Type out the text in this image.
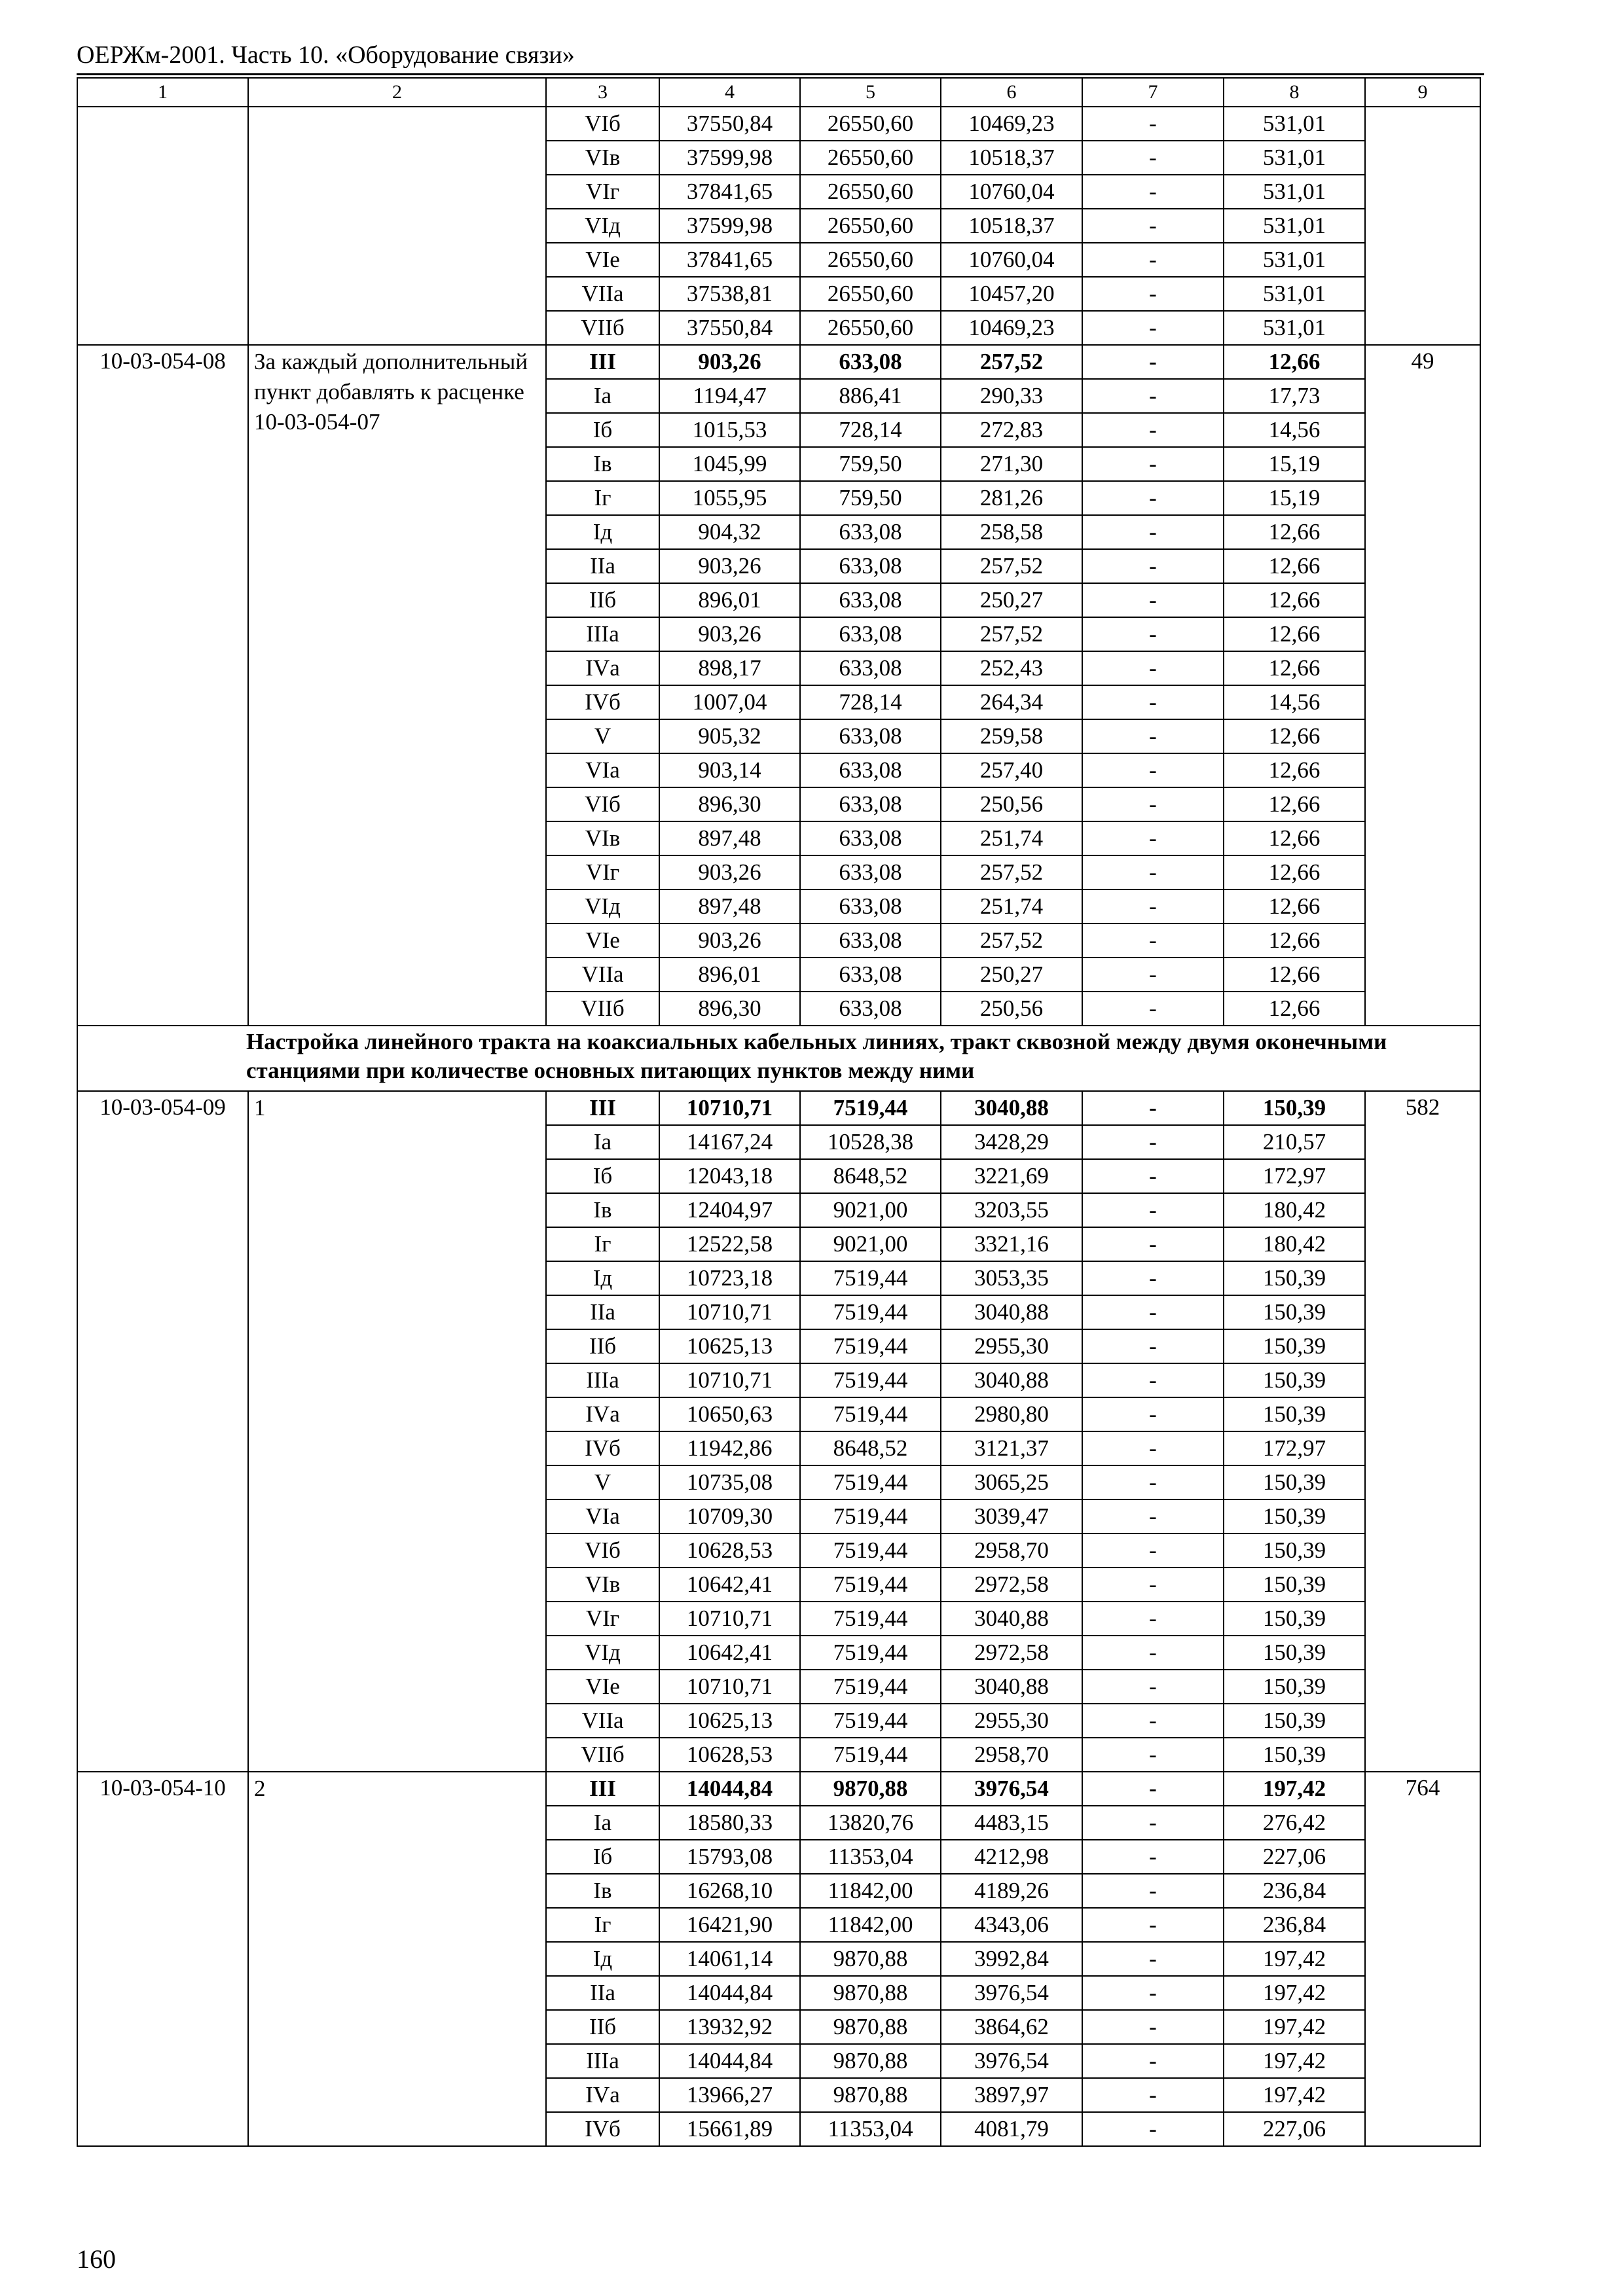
ОЕРЖм-2001. Часть 10. «Оборудование связи»
1	2	3	4	5	6	7	8	9
		VIб	37550,84	26550,60	10469,23	-	531,01	
		VIв	37599,98	26550,60	10518,37	-	531,01	
		VIг	37841,65	26550,60	10760,04	-	531,01	
		VIд	37599,98	26550,60	10518,37	-	531,01	
		VIе	37841,65	26550,60	10760,04	-	531,01	
		VIIа	37538,81	26550,60	10457,20	-	531,01	
		VIIб	37550,84	26550,60	10469,23	-	531,01	
10-03-054-08	За каждый дополнительный пункт добавлять к расценке 10-03-054-07	III	903,26	633,08	257,52	-	12,66	49
		Iа	1194,47	886,41	290,33	-	17,73	
		Iб	1015,53	728,14	272,83	-	14,56	
		Iв	1045,99	759,50	271,30	-	15,19	
		Iг	1055,95	759,50	281,26	-	15,19	
		Iд	904,32	633,08	258,58	-	12,66	
		IIа	903,26	633,08	257,52	-	12,66	
		IIб	896,01	633,08	250,27	-	12,66	
		IIIа	903,26	633,08	257,52	-	12,66	
		IVа	898,17	633,08	252,43	-	12,66	
		IVб	1007,04	728,14	264,34	-	14,56	
		V	905,32	633,08	259,58	-	12,66	
		VIа	903,14	633,08	257,40	-	12,66	
		VIб	896,30	633,08	250,56	-	12,66	
		VIв	897,48	633,08	251,74	-	12,66	
		VIг	903,26	633,08	257,52	-	12,66	
		VIд	897,48	633,08	251,74	-	12,66	
		VIе	903,26	633,08	257,52	-	12,66	
		VIIа	896,01	633,08	250,27	-	12,66	
		VIIб	896,30	633,08	250,56	-	12,66	
Настройка линейного тракта на коаксиальных кабельных линиях, тракт сквозной между двумя оконечными станциями при количестве основных питающих пунктов между ними								
10-03-054-09	1	III	10710,71	7519,44	3040,88	-	150,39	582
		Iа	14167,24	10528,38	3428,29	-	210,57	
		Iб	12043,18	8648,52	3221,69	-	172,97	
		Iв	12404,97	9021,00	3203,55	-	180,42	
		Iг	12522,58	9021,00	3321,16	-	180,42	
		Iд	10723,18	7519,44	3053,35	-	150,39	
		IIа	10710,71	7519,44	3040,88	-	150,39	
		IIб	10625,13	7519,44	2955,30	-	150,39	
		IIIа	10710,71	7519,44	3040,88	-	150,39	
		IVа	10650,63	7519,44	2980,80	-	150,39	
		IVб	11942,86	8648,52	3121,37	-	172,97	
		V	10735,08	7519,44	3065,25	-	150,39	
		VIа	10709,30	7519,44	3039,47	-	150,39	
		VIб	10628,53	7519,44	2958,70	-	150,39	
		VIв	10642,41	7519,44	2972,58	-	150,39	
		VIг	10710,71	7519,44	3040,88	-	150,39	
		VIд	10642,41	7519,44	2972,58	-	150,39	
		VIе	10710,71	7519,44	3040,88	-	150,39	
		VIIа	10625,13	7519,44	2955,30	-	150,39	
		VIIб	10628,53	7519,44	2958,70	-	150,39	
10-03-054-10	2	III	14044,84	9870,88	3976,54	-	197,42	764
		Iа	18580,33	13820,76	4483,15	-	276,42	
		Iб	15793,08	11353,04	4212,98	-	227,06	
		Iв	16268,10	11842,00	4189,26	-	236,84	
		Iг	16421,90	11842,00	4343,06	-	236,84	
		Iд	14061,14	9870,88	3992,84	-	197,42	
		IIа	14044,84	9870,88	3976,54	-	197,42	
		IIб	13932,92	9870,88	3864,62	-	197,42	
		IIIа	14044,84	9870,88	3976,54	-	197,42	
		IVа	13966,27	9870,88	3897,97	-	197,42	
		IVб	15661,89	11353,04	4081,79	-	227,06	
160
